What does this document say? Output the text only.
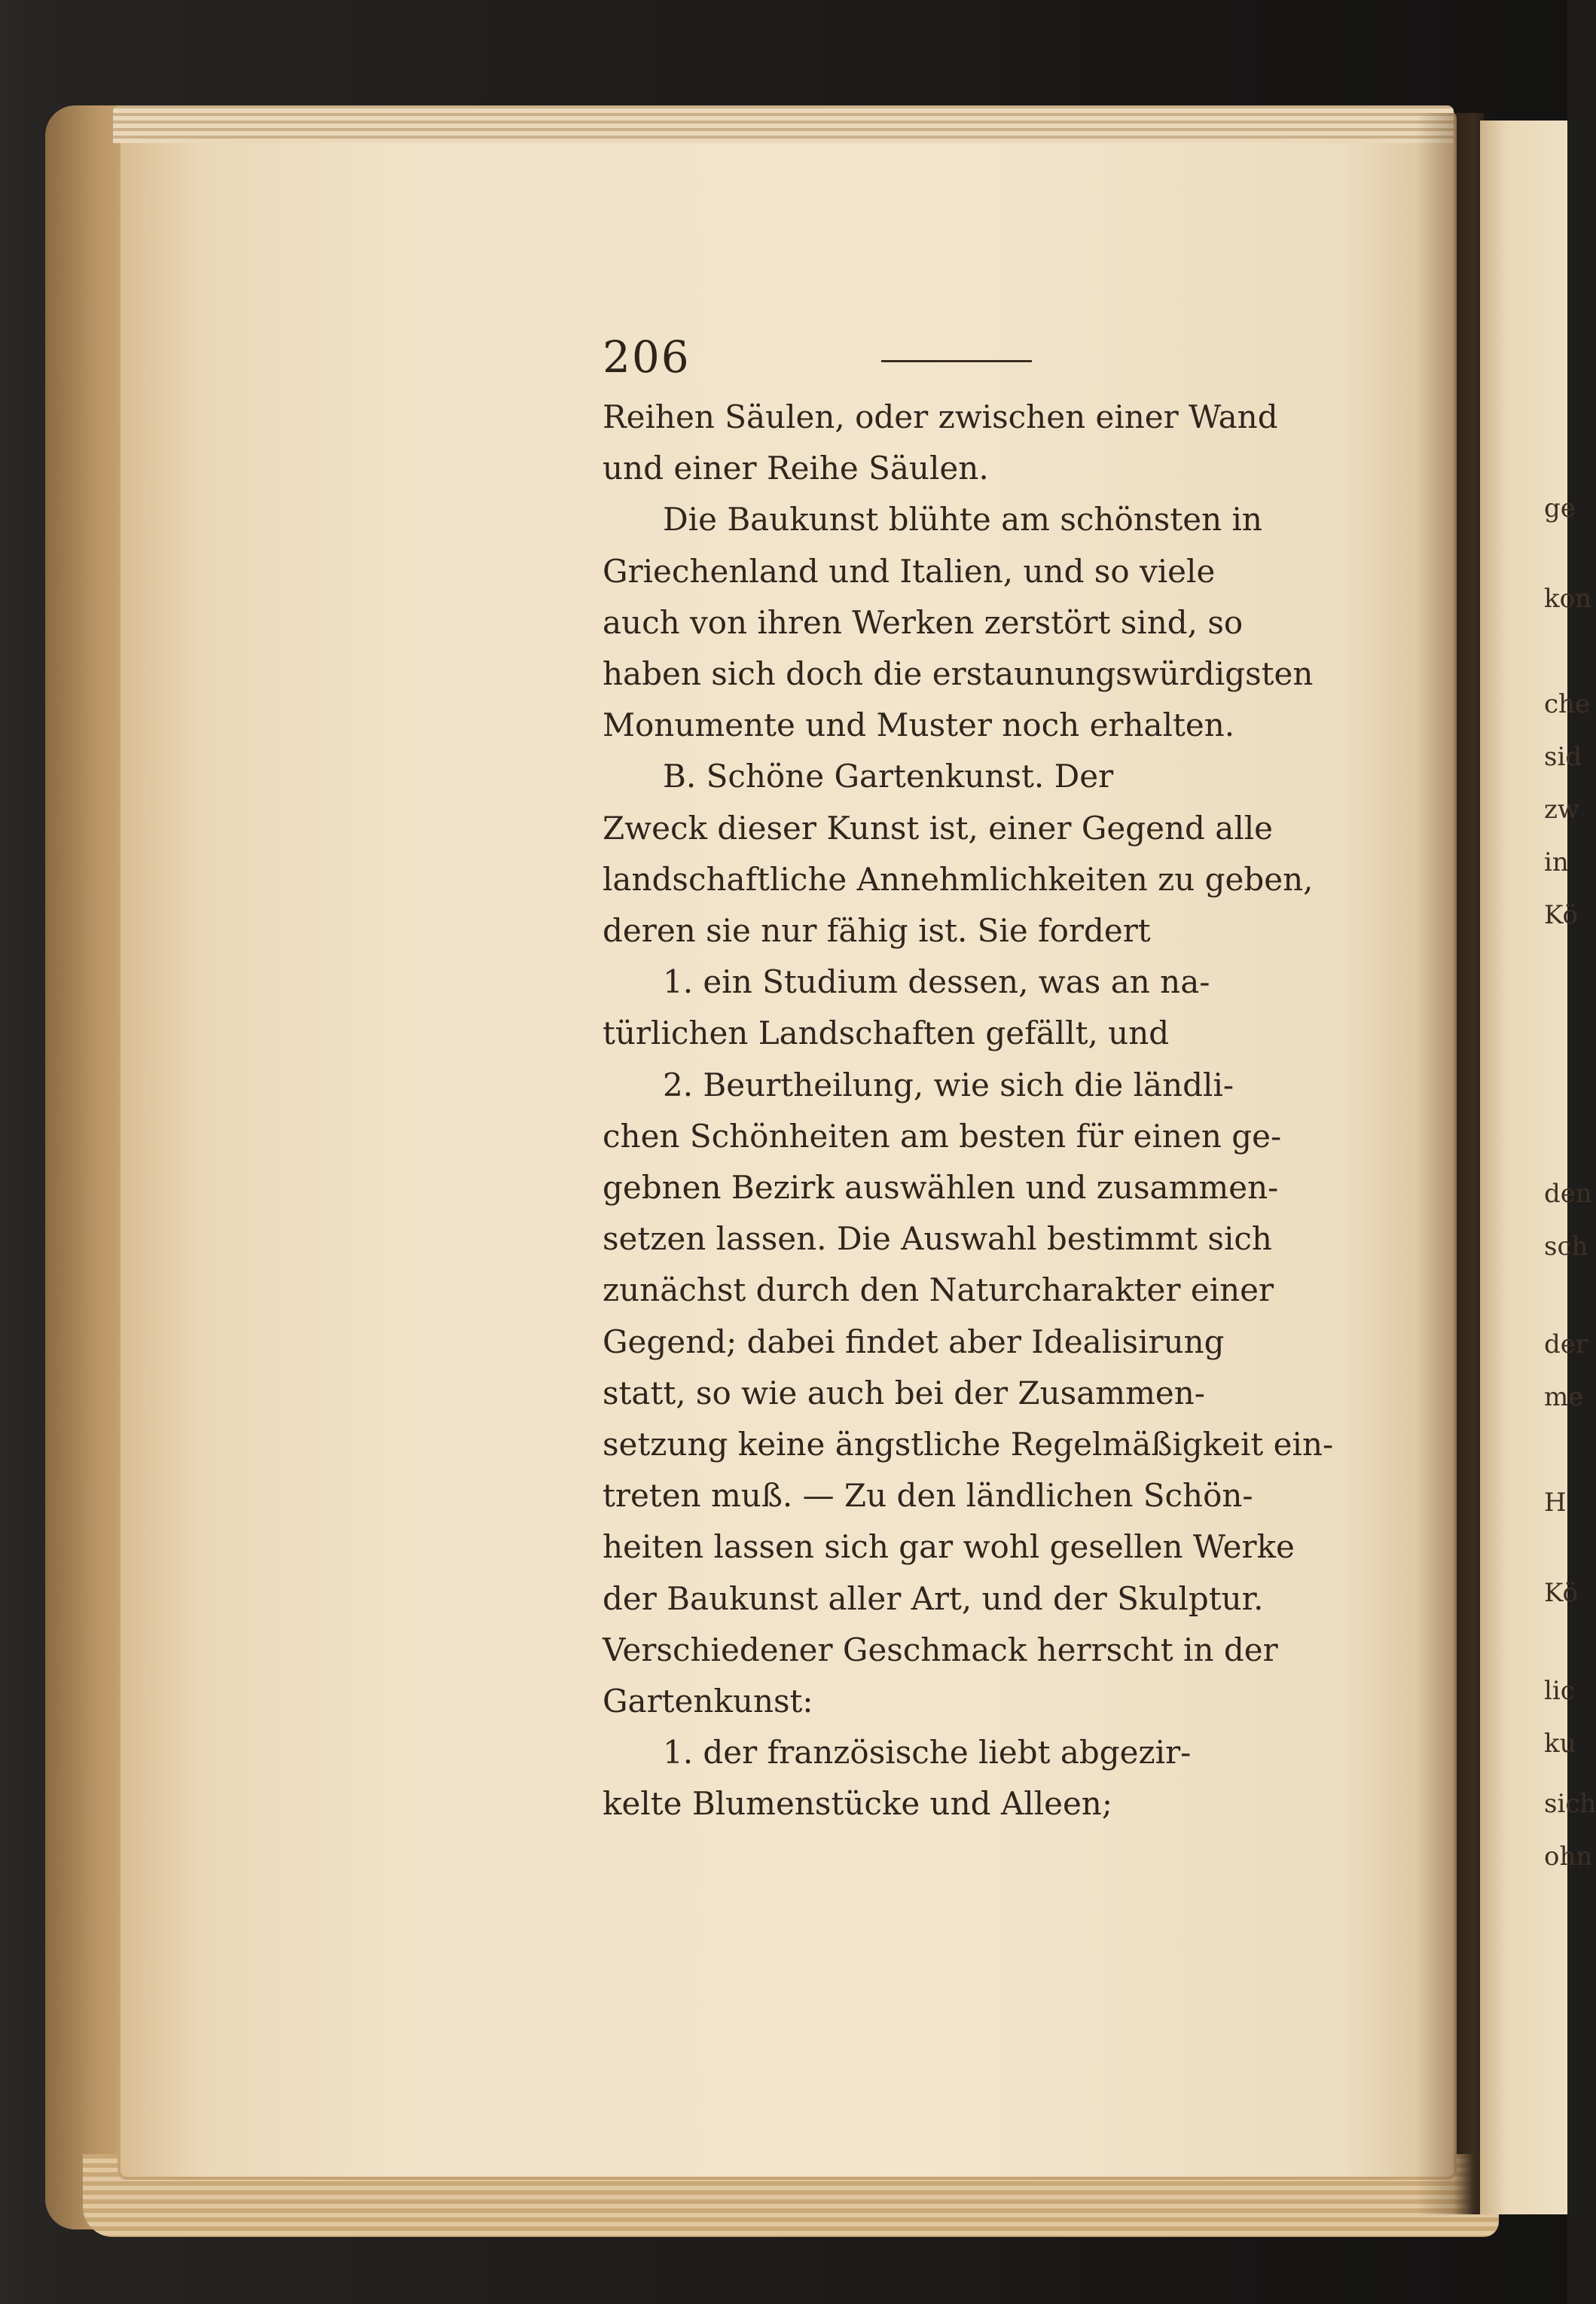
ge
kon
che
sid
zw
in
Kö
den
sch
der
me
H
Kö
lic
ku
sich
ohn
206
Reihen Säulen, oder zwischen einer Wand
und einer Reihe Säulen.
Die Baukunst blühte am schönsten in
Griechenland und Italien, und so viele
auch von ihren Werken zerstört sind, so
haben sich doch die erstaunungswürdigsten
Monumente und Muster noch erhalten.
B. Schöne Gartenkunst. Der
Zweck dieser Kunst ist, einer Gegend alle
landschaftliche Annehmlichkeiten zu geben,
deren sie nur fähig ist. Sie fordert
1. ein Studium dessen, was an na-
türlichen Landschaften gefällt, und
2. Beurtheilung, wie sich die ländli-
chen Schönheiten am besten für einen ge-
gebnen Bezirk auswählen und zusammen-
setzen lassen. Die Auswahl bestimmt sich
zunächst durch den Naturcharakter einer
Gegend; dabei findet aber Idealisirung
statt, so wie auch bei der Zusammen-
setzung keine ängstliche Regelmäßigkeit ein-
treten muß. — Zu den ländlichen Schön-
heiten lassen sich gar wohl gesellen Werke
der Baukunst aller Art, und der Skulptur.
Verschiedener Geschmack herrscht in der
Gartenkunst:
1. der französische liebt abgezir-
kelte Blumenstücke und Alleen;
